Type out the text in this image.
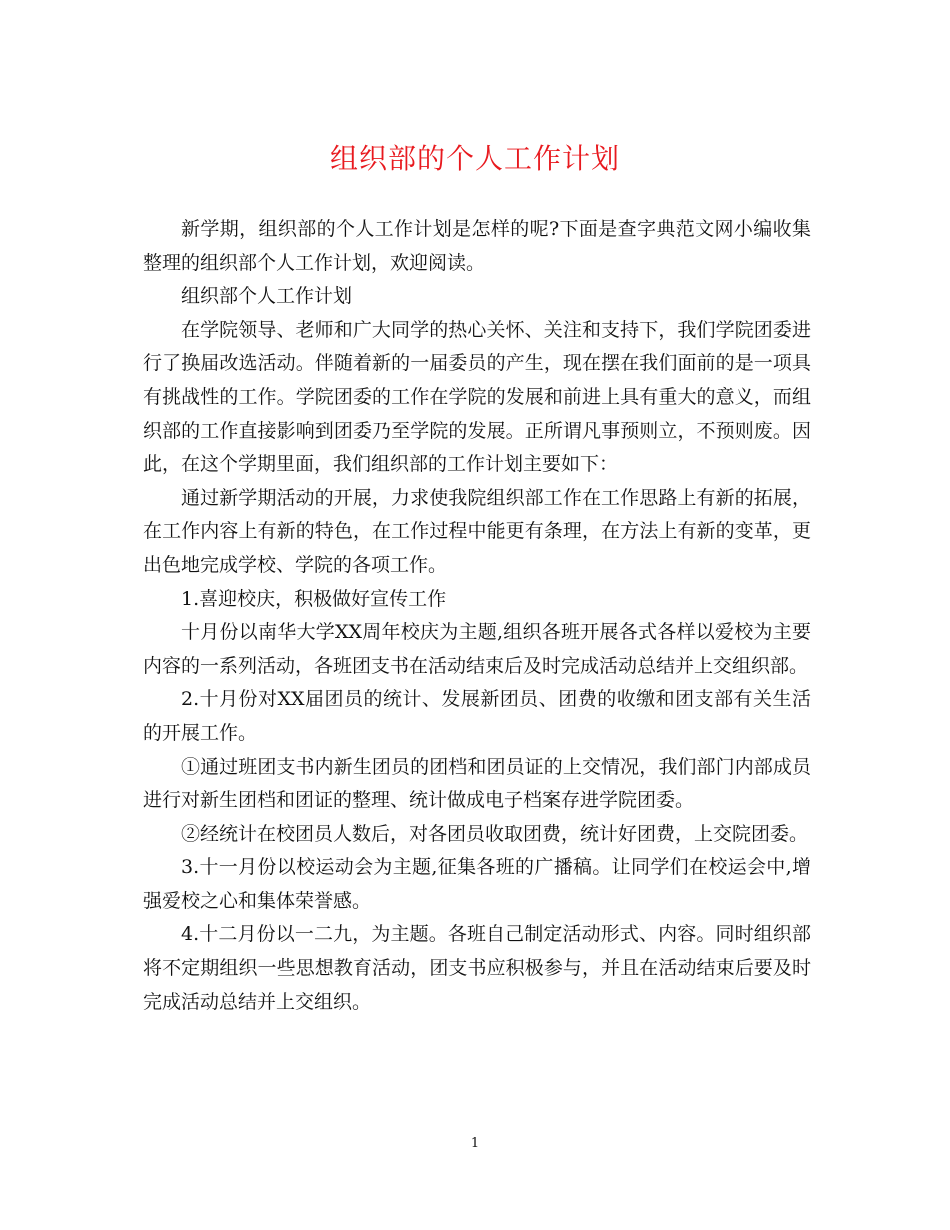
组织部的个人工作计划

新学期，组织部的个人工作计划是怎样的呢?下面是查字典范文网小编收集整理的组织部个人工作计划，欢迎阅读。

组织部个人工作计划

在学院领导、老师和广大同学的热心关怀、关注和支持下，我们学院团委进行了换届改选活动。伴随着新的一届委员的产生，现在摆在我们面前的是一项具有挑战性的工作。学院团委的工作在学院的发展和前进上具有重大的意义，而组织部的工作直接影响到团委乃至学院的发展。正所谓凡事预则立，不预则废。因此，在这个学期里面，我们组织部的工作计划主要如下：

通过新学期活动的开展，力求使我院组织部工作在工作思路上有新的拓展，在工作内容上有新的特色，在工作过程中能更有条理，在方法上有新的变革，更出色地完成学校、学院的各项工作。

1.喜迎校庆，积极做好宣传工作

十月份以南华大学XX周年校庆为主题,组织各班开展各式各样以爱校为主要内容的一系列活动，各班团支书在活动结束后及时完成活动总结并上交组织部。

2.十月份对XX届团员的统计、发展新团员、团费的收缴和团支部有关生活的开展工作。

①通过班团支书内新生团员的团档和团员证的上交情况，我们部门内部成员进行对新生团档和团证的整理、统计做成电子档案存进学院团委。

②经统计在校团员人数后，对各团员收取团费，统计好团费，上交院团委。

3.十一月份以校运动会为主题,征集各班的广播稿。让同学们在校运会中,增强爱校之心和集体荣誉感。

4.十二月份以一二九，为主题。各班自己制定活动形式、内容。同时组织部将不定期组织一些思想教育活动，团支书应积极参与，并且在活动结束后要及时完成活动总结并上交组织。

1
